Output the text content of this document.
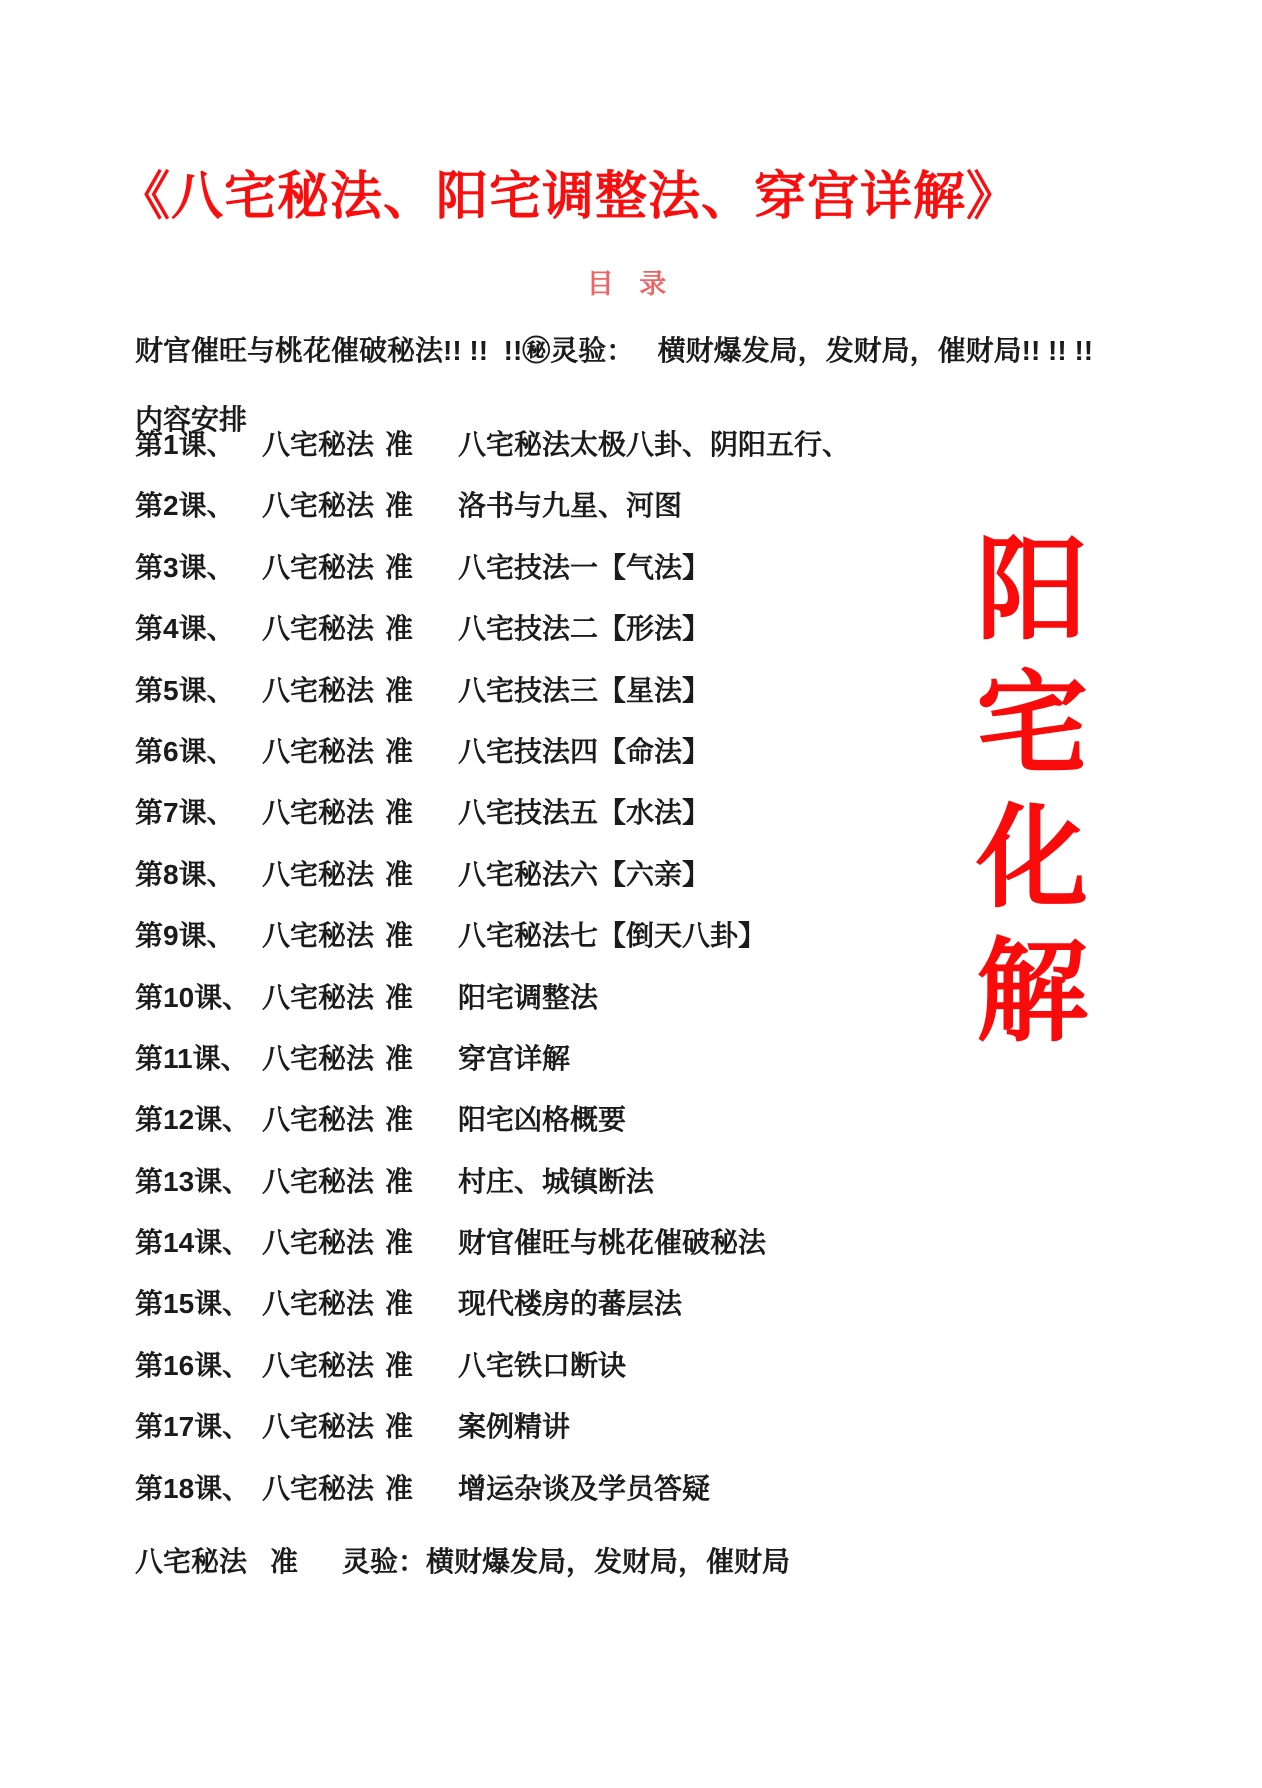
《八宅秘法、阳宅调整法、穿宫详解》
目 录
财官催旺与桃花催破秘法!! !!  !!㊙灵验：   横财爆发局，发财局，催财局!! !! !!
内容安排
第1课、 八宅秘法 准	八宅秘法太极八卦、阴阳五行、
第2课、 八宅秘法 准	洛书与九星、河图
第3课、 八宅秘法 准	八宅技法一【气法】
第4课、 八宅秘法 准	八宅技法二【形法】
第5课、 八宅秘法 准	八宅技法三【星法】
第6课、 八宅秘法 准	八宅技法四【命法】
第7课、 八宅秘法 准	八宅技法五【水法】
第8课、 八宅秘法 准	八宅秘法六【六亲】
第9课、 八宅秘法 准	八宅秘法七【倒天八卦】
第10课、 八宅秘法 准	阳宅调整法
第11课、 八宅秘法 准	穿宫详解
第12课、 八宅秘法 准	阳宅凶格概要
第13课、 八宅秘法 准	村庄、城镇断法
第14课、 八宅秘法 准	财官催旺与桃花催破秘法
第15课、 八宅秘法 准	现代楼房的蕃层法
第16课、 八宅秘法 准	八宅铁口断诀
第17课、 八宅秘法 准	案例精讲
第18课、 八宅秘法 准	增运杂谈及学员答疑
八宅秘法 准	灵验：横财爆发局，发财局，催财局
阳宅化解
